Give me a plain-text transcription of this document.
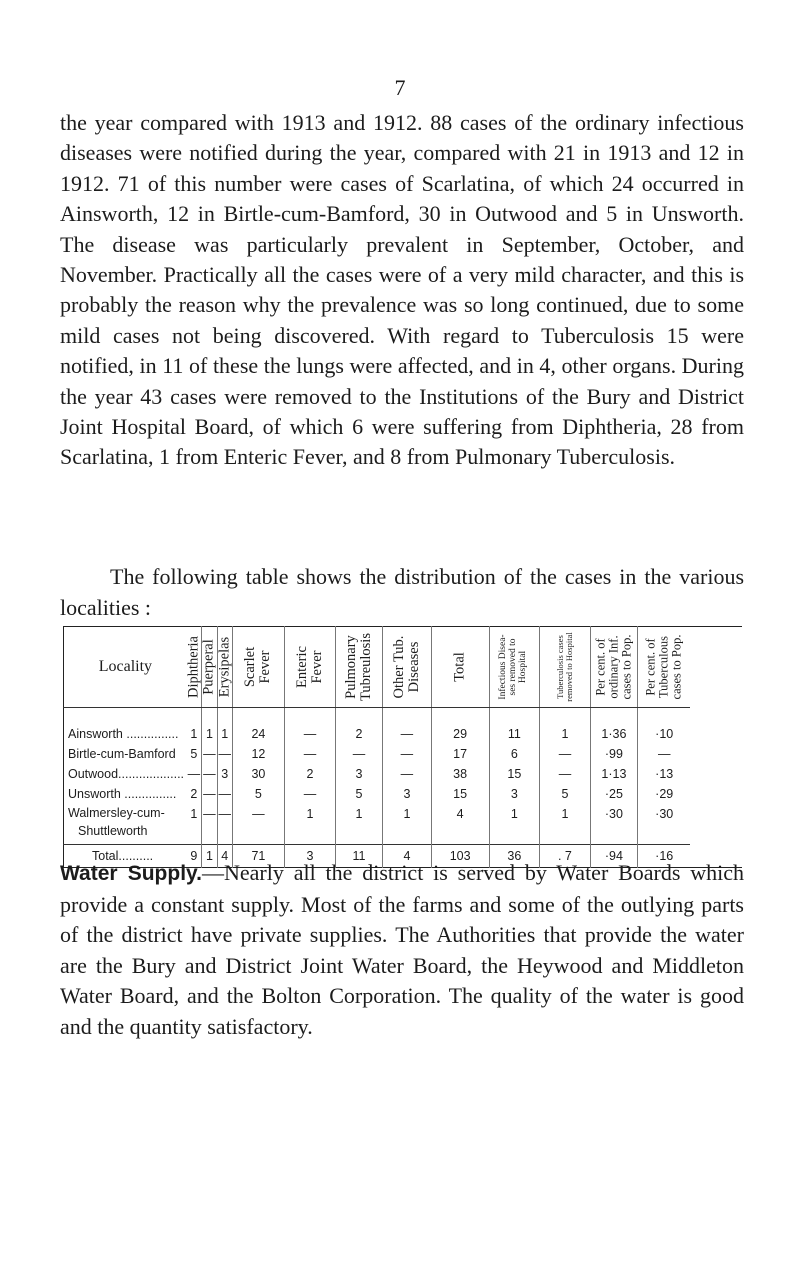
7

the year compared with 1913 and 1912. 88 cases of the ordinary infectious diseases were notified during the year, compared with 21 in 1913 and 12 in 1912. 71 of this number were cases of Scarlatina, of which 24 occurred in Ainsworth, 12 in Birtle-cum-Bamford, 30 in Outwood and 5 in Unsworth. The disease was particularly prevalent in September, October, and November. Practically all the cases were of a very mild character, and this is probably the reason why the prevalence was so long continued, due to some mild cases not being discovered. With regard to Tuberculosis 15 were notified, in 11 of these the lungs were affected, and in 4, other organs. During the year 43 cases were removed to the Institutions of the Bury and District Joint Hospital Board, of which 6 were suffering from Diphtheria, 28 from Scarlatina, 1 from Enteric Fever, and 8 from Pulmonary Tuberculosis.

The following table shows the distribution of the cases in the various localities :

Locality	Diphtheria	Puerperal	Erysipelas	Scarlet Fever	Enteric Fever	Pulmonary Tubreulosis	Other Tub. Diseases	Total	Infectious Disea- ses removed to Hospital	Tuberculosis cases removed to Hospital	Per cent. of ordinary Inf. cases to Pop.	Per cent. of Tuberculous cases to Pop.

Ainsworth ...............	1	1	1	24	—	2	—	29	11	1	1·36	·10
Birtle-cum-Bamford	5	—	—	12	—	—	—	17	6	—	·99	—
Outwood...................	—	—	3	30	2	3	—	38	15	—	1·13	·13
Unsworth ...............	2	—	—	5	—	5	3	15	3	5	·25	·29
Walmersley-cum-
Shuttleworth	1	—	—	—	1	1	1	4	1	1	·30	·30
Total..........	9	1	4	71	3	11	4	103	36	. 7	·94	·16

Water Supply.—Nearly all the district is served by Water Boards which provide a constant supply. Most of the farms and some of the outlying parts of the district have private supplies. The Authorities that provide the water are the Bury and District Joint Water Board, the Heywood and Middleton Water Board, and the Bolton Corporation. The quality of the water is good and the quantity satisfactory.
